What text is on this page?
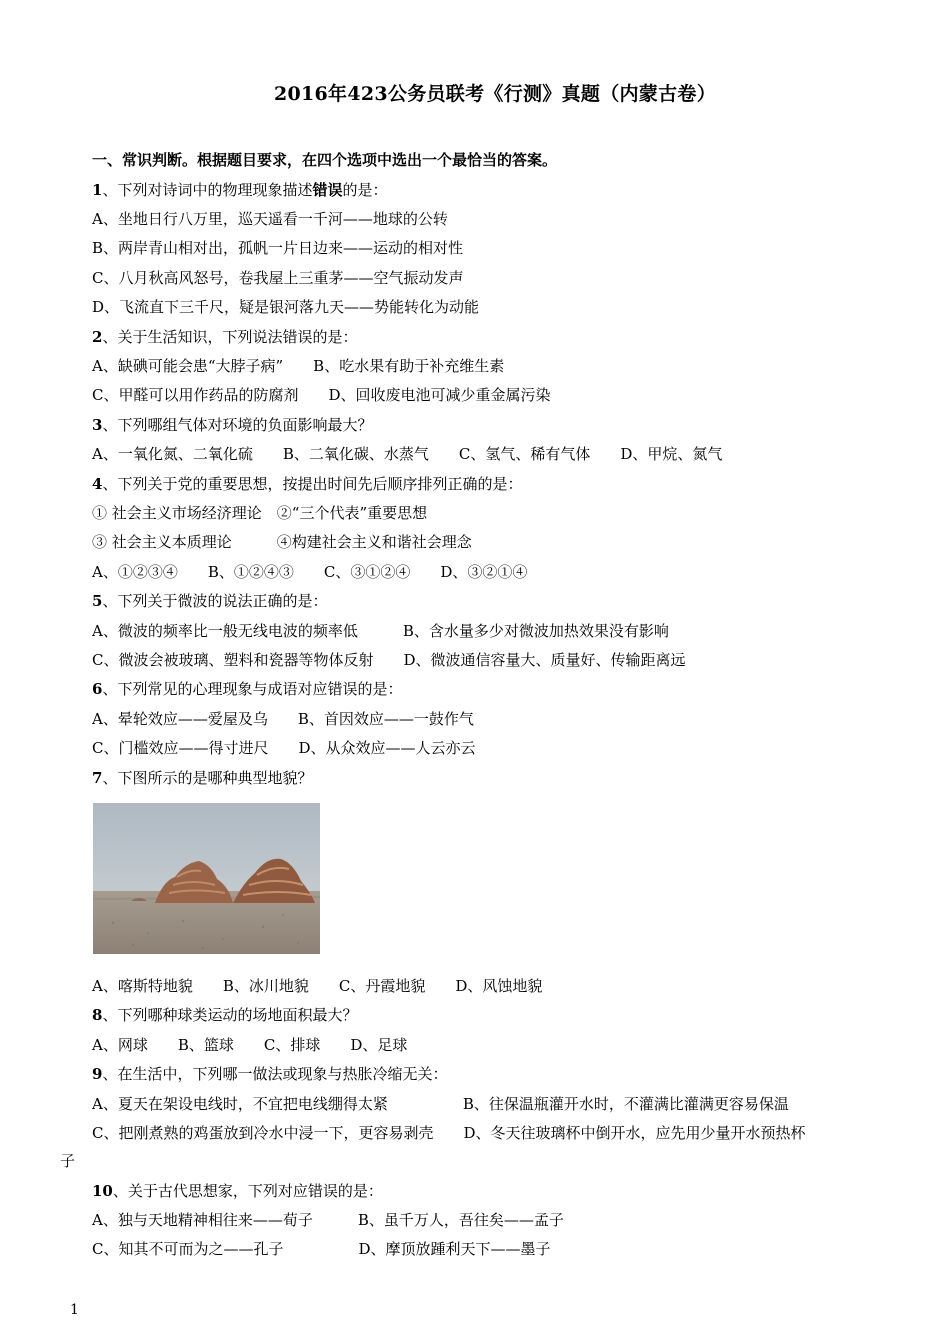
2016年423公务员联考《行测》真题（内蒙古卷）
一、常识判断。根据题目要求，在四个选项中选出一个最恰当的答案。
1、下列对诗词中的物理现象描述错误的是：
A、坐地日行八万里，巡天遥看一千河——地球的公转
B、两岸青山相对出，孤帆一片日边来——运动的相对性
C、八月秋高风怒号，卷我屋上三重茅——空气振动发声
D、飞流直下三千尺，疑是银河落九天——势能转化为动能
2、关于生活知识，下列说法错误的是：
A、缺碘可能会患“大脖子病”　　B、吃水果有助于补充维生素
C、甲醛可以用作药品的防腐剂　　D、回收废电池可减少重金属污染
3、下列哪组气体对环境的负面影响最大？
A、一氧化氮、二氧化硫　　B、二氧化碳、水蒸气　　C、氢气、稀有气体　　D、甲烷、氮气
4、下列关于党的重要思想，按提出时间先后顺序排列正确的是：
① 社会主义市场经济理论　②“三个代表”重要思想
③ 社会主义本质理论　　　④构建社会主义和谐社会理念
A、①②③④　　B、①②④③　　C、③①②④　　D、③②①④
5、下列关于微波的说法正确的是：
A、微波的频率比一般无线电波的频率低　　　B、含水量多少对微波加热效果没有影响
C、微波会被玻璃、塑料和瓷器等物体反射　　D、微波通信容量大、质量好、传输距离远
6、下列常见的心理现象与成语对应错误的是：
A、晕轮效应——爱屋及乌　　B、首因效应——一鼓作气
C、门槛效应——得寸进尺　　D、从众效应——人云亦云
7、下图所示的是哪种典型地貌？
A、喀斯特地貌　　B、冰川地貌　　C、丹霞地貌　　D、风蚀地貌
8、下列哪种球类运动的场地面积最大？
A、网球　　B、篮球　　C、排球　　D、足球
9、在生活中，下列哪一做法或现象与热胀冷缩无关：
A、夏天在架设电线时，不宜把电线绷得太紧　　　　　B、往保温瓶灌开水时，不灌满比灌满更容易保温
C、把刚煮熟的鸡蛋放到冷水中浸一下，更容易剥壳　　D、冬天往玻璃杯中倒开水，应先用少量开水预热杯
子
10、关于古代思想家，下列对应错误的是：
A、独与天地精神相往来——荀子　　　B、虽千万人，吾往矣——孟子
C、知其不可而为之——孔子　　　　　D、摩顶放踵利天下——墨子
1
